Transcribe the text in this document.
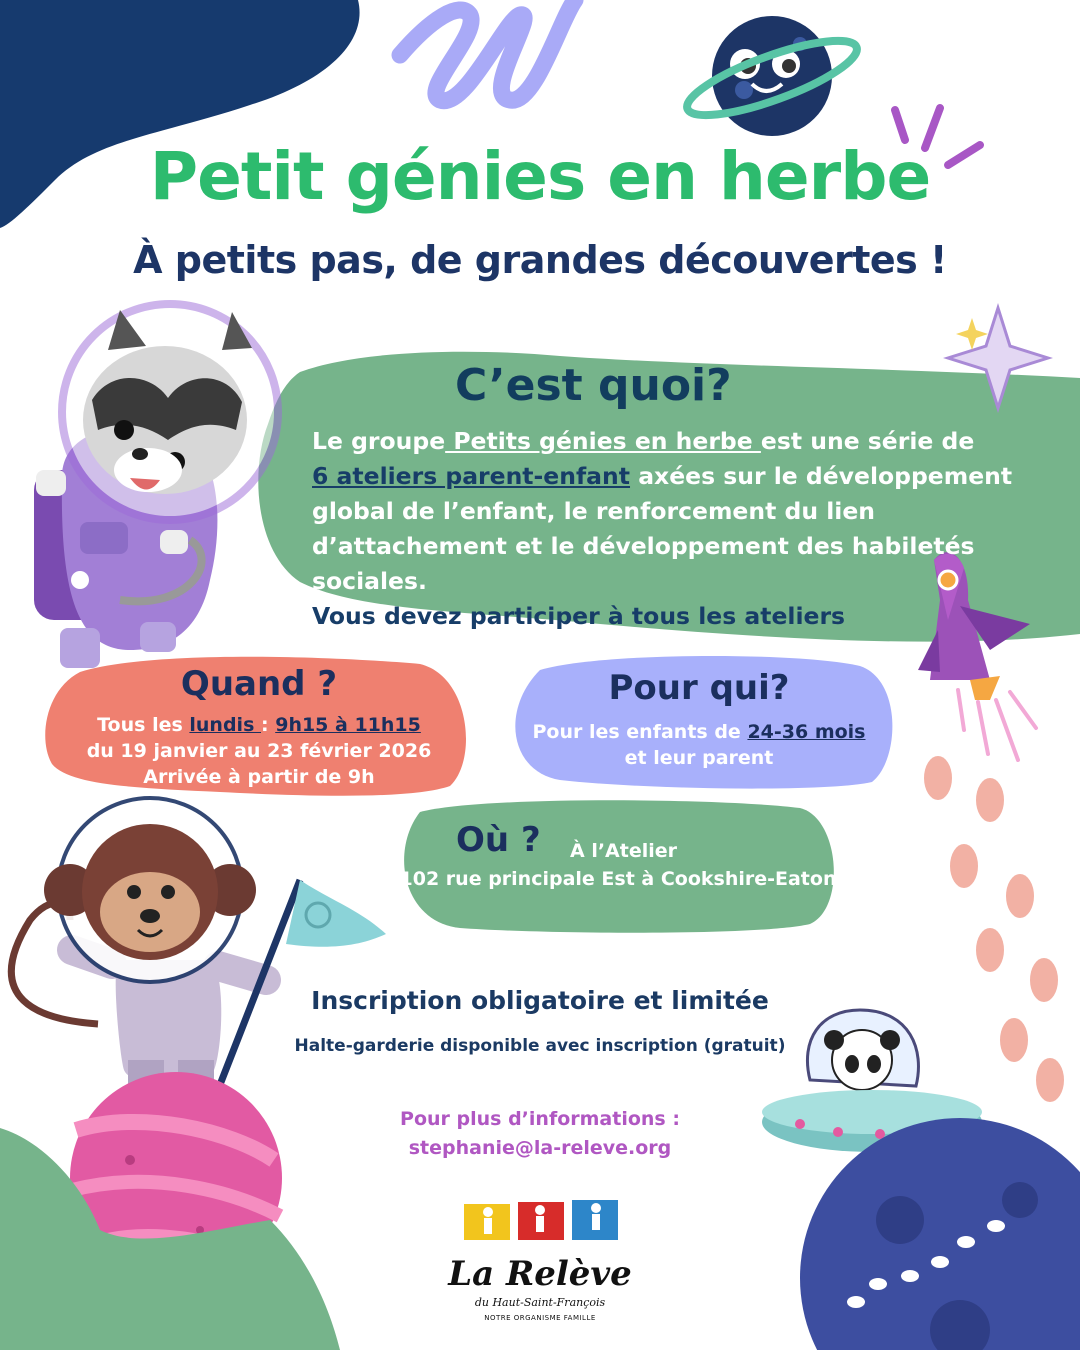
Petit génies en herbe
À petits pas, de grandes découvertes !
C’est quoi?
Le groupe Petits génies en herbe est une série de
6 ateliers parent-enfant axées sur le développement global de l’enfant, le renforcement du lien d’attachement et le développement des habiletés sociales.
Vous devez participer à tous les ateliers
Quand ?
Tous les lundis : 9h15 à 11h15
du 19 janvier au 23 février 2026
Arrivée à partir de 9h
Pour qui?
Pour les enfants de 24-36 mois
et leur parent
Où ? À l’Atelier
102 rue principale Est à Cookshire-Eaton
Inscription obligatoire et limitée
Halte-garderie disponible avec inscription (gratuit)
Pour plus d’informations :
stephanie@la-releve.org
La Relève
du Haut-Saint-François
NOTRE ORGANISME FAMILLE
